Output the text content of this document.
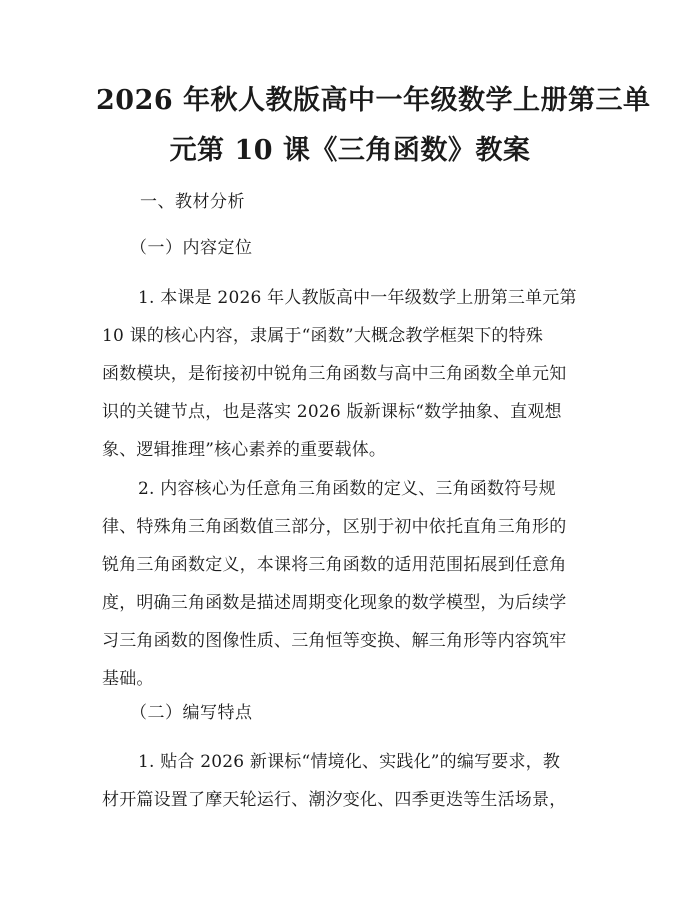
2026 年秋人教版高中一年级数学上册第三单
元第 10 课《三角函数》教案
一、教材分析
（一）内容定位
1. 本课是 2026 年人教版高中一年级数学上册第三单元第
10 课的核心内容，隶属于“函数”大概念教学框架下的特殊
函数模块，是衔接初中锐角三角函数与高中三角函数全单元知
识的关键节点，也是落实 2026 版新课标“数学抽象、直观想
象、逻辑推理”核心素养的重要载体。
2. 内容核心为任意角三角函数的定义、三角函数符号规
律、特殊角三角函数值三部分，区别于初中依托直角三角形的
锐角三角函数定义，本课将三角函数的适用范围拓展到任意角
度，明确三角函数是描述周期变化现象的数学模型，为后续学
习三角函数的图像性质、三角恒等变换、解三角形等内容筑牢
基础。
（二）编写特点
1. 贴合 2026 新课标“情境化、实践化”的编写要求，教
材开篇设置了摩天轮运行、潮汐变化、四季更迭等生活场景，
